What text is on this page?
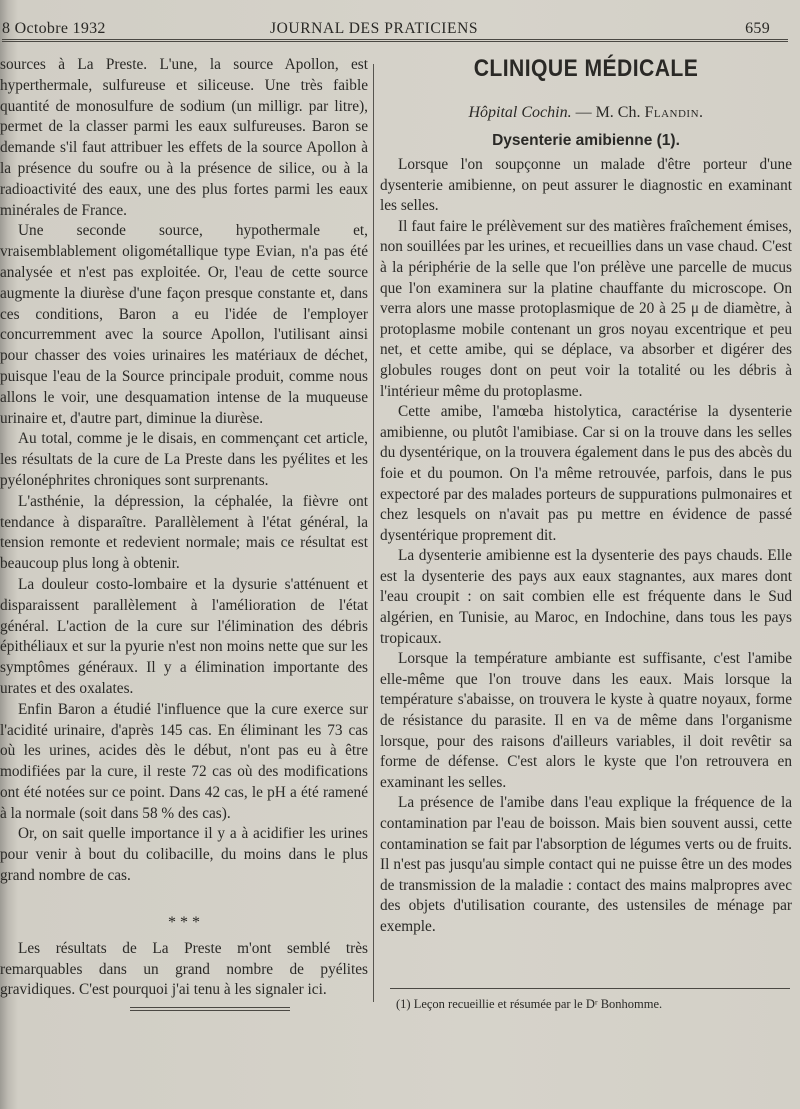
8 Octobre 1932	JOURNAL DES PRATICIENS	659

sources à La Preste. L'une, la source Apollon, est hyperthermale, sulfureuse et siliceuse. Une très faible quantité de monosulfure de sodium (un milligr. par litre), permet de la classer parmi les eaux sulfureuses. Baron se demande s'il faut attribuer les effets de la source Apollon à la présence du soufre ou à la présence de silice, ou à la radioactivité des eaux, une des plus fortes parmi les eaux minérales de France.

Une seconde source, hypothermale et, vraisemblablement oligométallique type Evian, n'a pas été analysée et n'est pas exploitée. Or, l'eau de cette source augmente la diurèse d'une façon presque constante et, dans ces conditions, Baron a eu l'idée de l'employer concurremment avec la source Apollon, l'utilisant ainsi pour chasser des voies urinaires les matériaux de déchet, puisque l'eau de la Source principale produit, comme nous allons le voir, une desquamation intense de la muqueuse urinaire et, d'autre part, diminue la diurèse.

Au total, comme je le disais, en commençant cet article, les résultats de la cure de La Preste dans les pyélites et les pyélonéphrites chroniques sont surprenants.

L'asthénie, la dépression, la céphalée, la fièvre ont tendance à disparaître. Parallèlement à l'état général, la tension remonte et redevient normale; mais ce résultat est beaucoup plus long à obtenir.

La douleur costo-lombaire et la dysurie s'atténuent et disparaissent parallèlement à l'amélioration de l'état général. L'action de la cure sur l'élimination des débris épithéliaux et sur la pyurie n'est non moins nette que sur les symptômes généraux. Il y a élimination importante des urates et des oxalates.

Enfin Baron a étudié l'influence que la cure exerce sur l'acidité urinaire, d'après 145 cas. En éliminant les 73 cas où les urines, acides dès le début, n'ont pas eu à être modifiées par la cure, il reste 72 cas où des modifications ont été notées sur ce point. Dans 42 cas, le pH a été ramené à la normale (soit dans 58 % des cas).

Or, on sait quelle importance il y a à acidifier les urines pour venir à bout du colibacille, du moins dans le plus grand nombre de cas.

* * *

Les résultats de La Preste m'ont semblé très remarquables dans un grand nombre de pyélites gravidiques. C'est pourquoi j'ai tenu à les signaler ici.

CLINIQUE MÉDICALE
Hôpital Cochin. — M. Ch. Flandin.
Dysenterie amibienne (1).

Lorsque l'on soupçonne un malade d'être porteur d'une dysenterie amibienne, on peut assurer le diagnostic en examinant les selles.

Il faut faire le prélèvement sur des matières fraîchement émises, non souillées par les urines, et recueillies dans un vase chaud. C'est à la périphérie de la selle que l'on prélève une parcelle de mucus que l'on examinera sur la platine chauffante du microscope. On verra alors une masse protoplasmique de 20 à 25 μ de diamètre, à protoplasme mobile contenant un gros noyau excentrique et peu net, et cette amibe, qui se déplace, va absorber et digérer des globules rouges dont on peut voir la totalité ou les débris à l'intérieur même du protoplasme.

Cette amibe, l'amœba histolytica, caractérise la dysenterie amibienne, ou plutôt l'amibiase. Car si on la trouve dans les selles du dysentérique, on la trouvera également dans le pus des abcès du foie et du poumon. On l'a même retrouvée, parfois, dans le pus expectoré par des malades porteurs de suppurations pulmonaires et chez lesquels on n'avait pas pu mettre en évidence de passé dysentérique proprement dit.

La dysenterie amibienne est la dysenterie des pays chauds. Elle est la dysenterie des pays aux eaux stagnantes, aux mares dont l'eau croupit : on sait combien elle est fréquente dans le Sud algérien, en Tunisie, au Maroc, en Indochine, dans tous les pays tropicaux.

Lorsque la température ambiante est suffisante, c'est l'amibe elle-même que l'on trouve dans les eaux. Mais lorsque la température s'abaisse, on trouvera le kyste à quatre noyaux, forme de résistance du parasite. Il en va de même dans l'organisme lorsque, pour des raisons d'ailleurs variables, il doit revêtir sa forme de défense. C'est alors le kyste que l'on retrouvera en examinant les selles.

La présence de l'amibe dans l'eau explique la fréquence de la contamination par l'eau de boisson. Mais bien souvent aussi, cette contamination se fait par l'absorption de légumes verts ou de fruits. Il n'est pas jusqu'au simple contact qui ne puisse être un des modes de transmission de la maladie : contact des mains malpropres avec des objets d'utilisation courante, des ustensiles de ménage par exemple.

(1) Leçon recueillie et résumée par le Dʳ Bonhomme.
